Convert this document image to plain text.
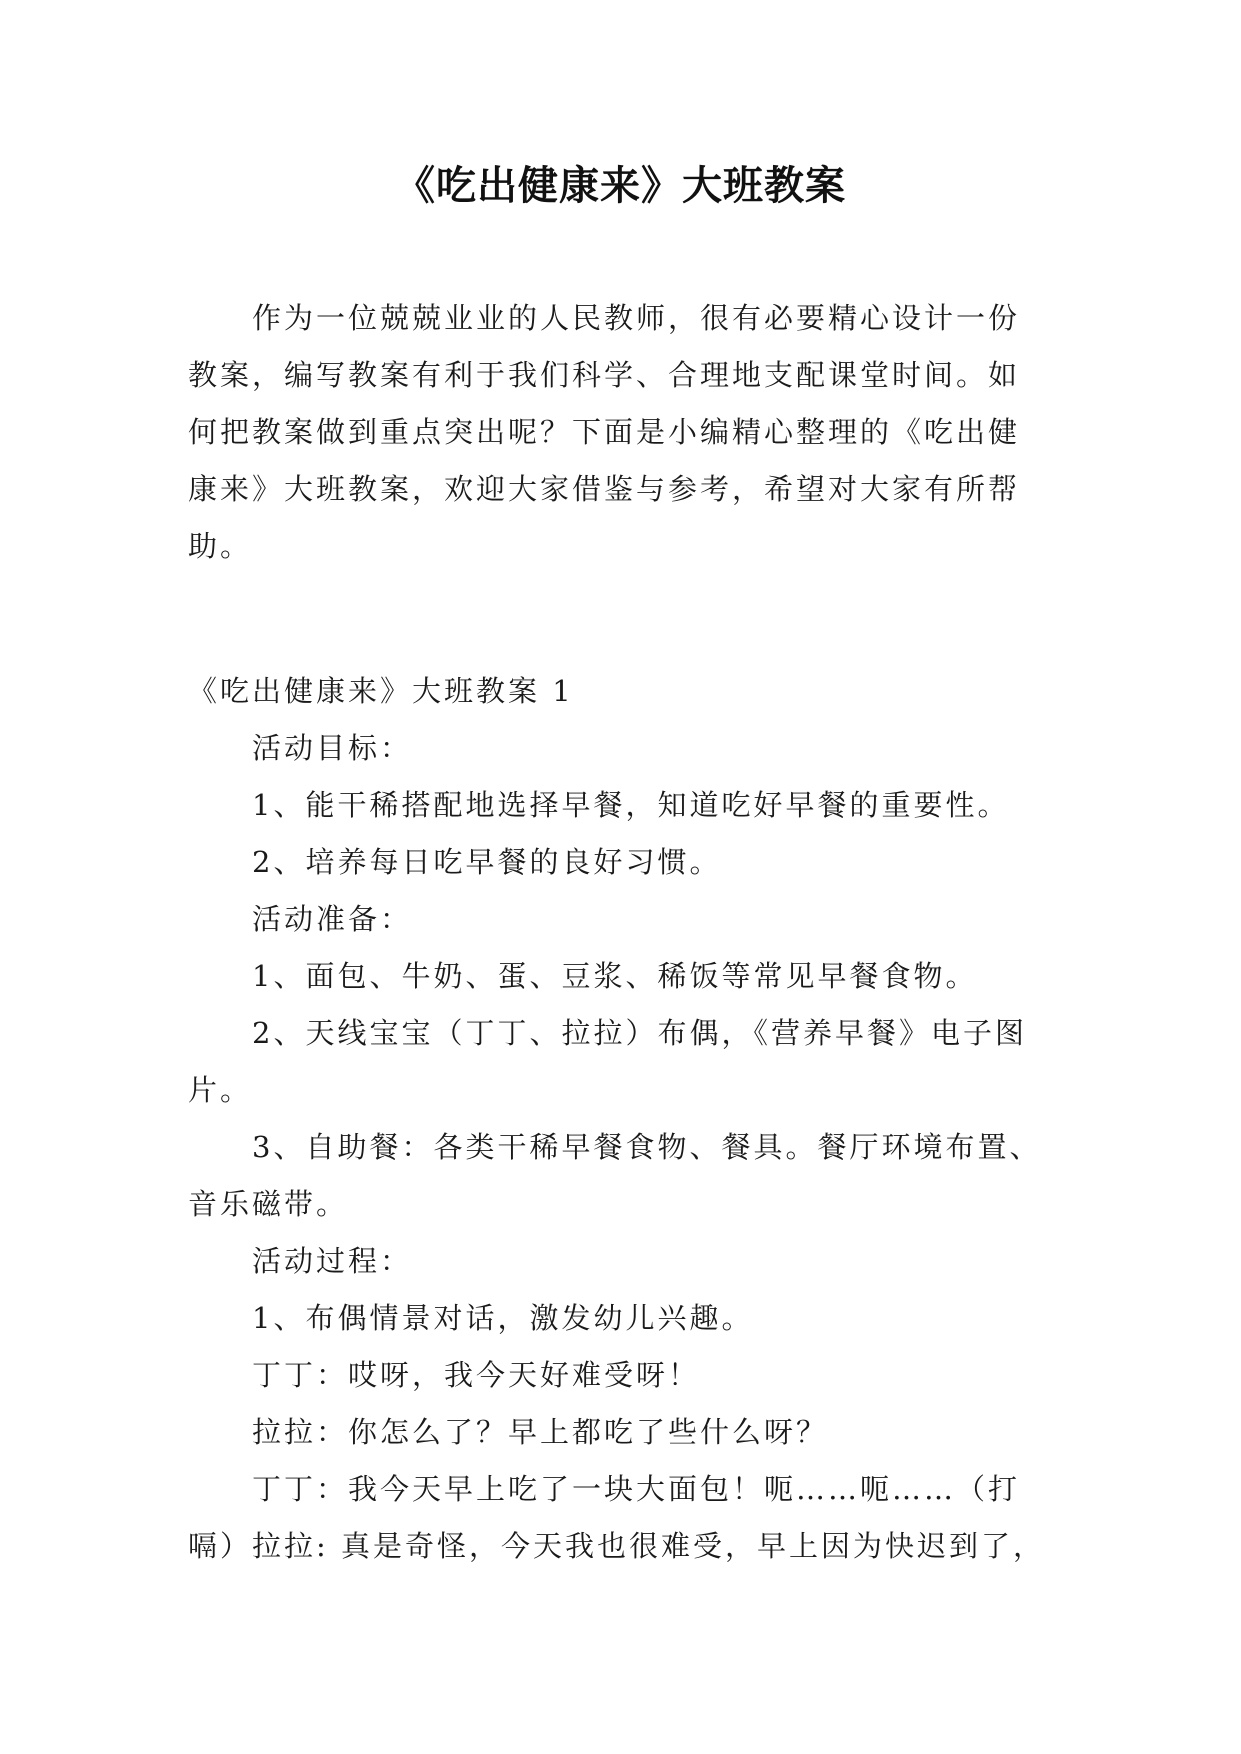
《吃出健康来》大班教案

作为一位兢兢业业的人民教师，很有必要精心设计一份教案，编写教案有利于我们科学、合理地支配课堂时间。如何把教案做到重点突出呢？下面是小编精心整理的《吃出健康来》大班教案，欢迎大家借鉴与参考，希望对大家有所帮助。

《吃出健康来》大班教案 1

活动目标：

1、能干稀搭配地选择早餐，知道吃好早餐的重要性。

2、培养每日吃早餐的良好习惯。

活动准备：

1、面包、牛奶、蛋、豆浆、稀饭等常见早餐食物。

2、天线宝宝（丁丁、拉拉）布偶，《营养早餐》电子图片。

3、自助餐：各类干稀早餐食物、餐具。餐厅环境布置、音乐磁带。

活动过程：

1、布偶情景对话，激发幼儿兴趣。

丁丁：哎呀，我今天好难受呀！

拉拉：你怎么了？早上都吃了些什么呀？

丁丁：我今天早上吃了一块大面包！呃……呃……（打嗝）拉拉: 真是奇怪，今天我也很难受，早上因为快迟到了，
